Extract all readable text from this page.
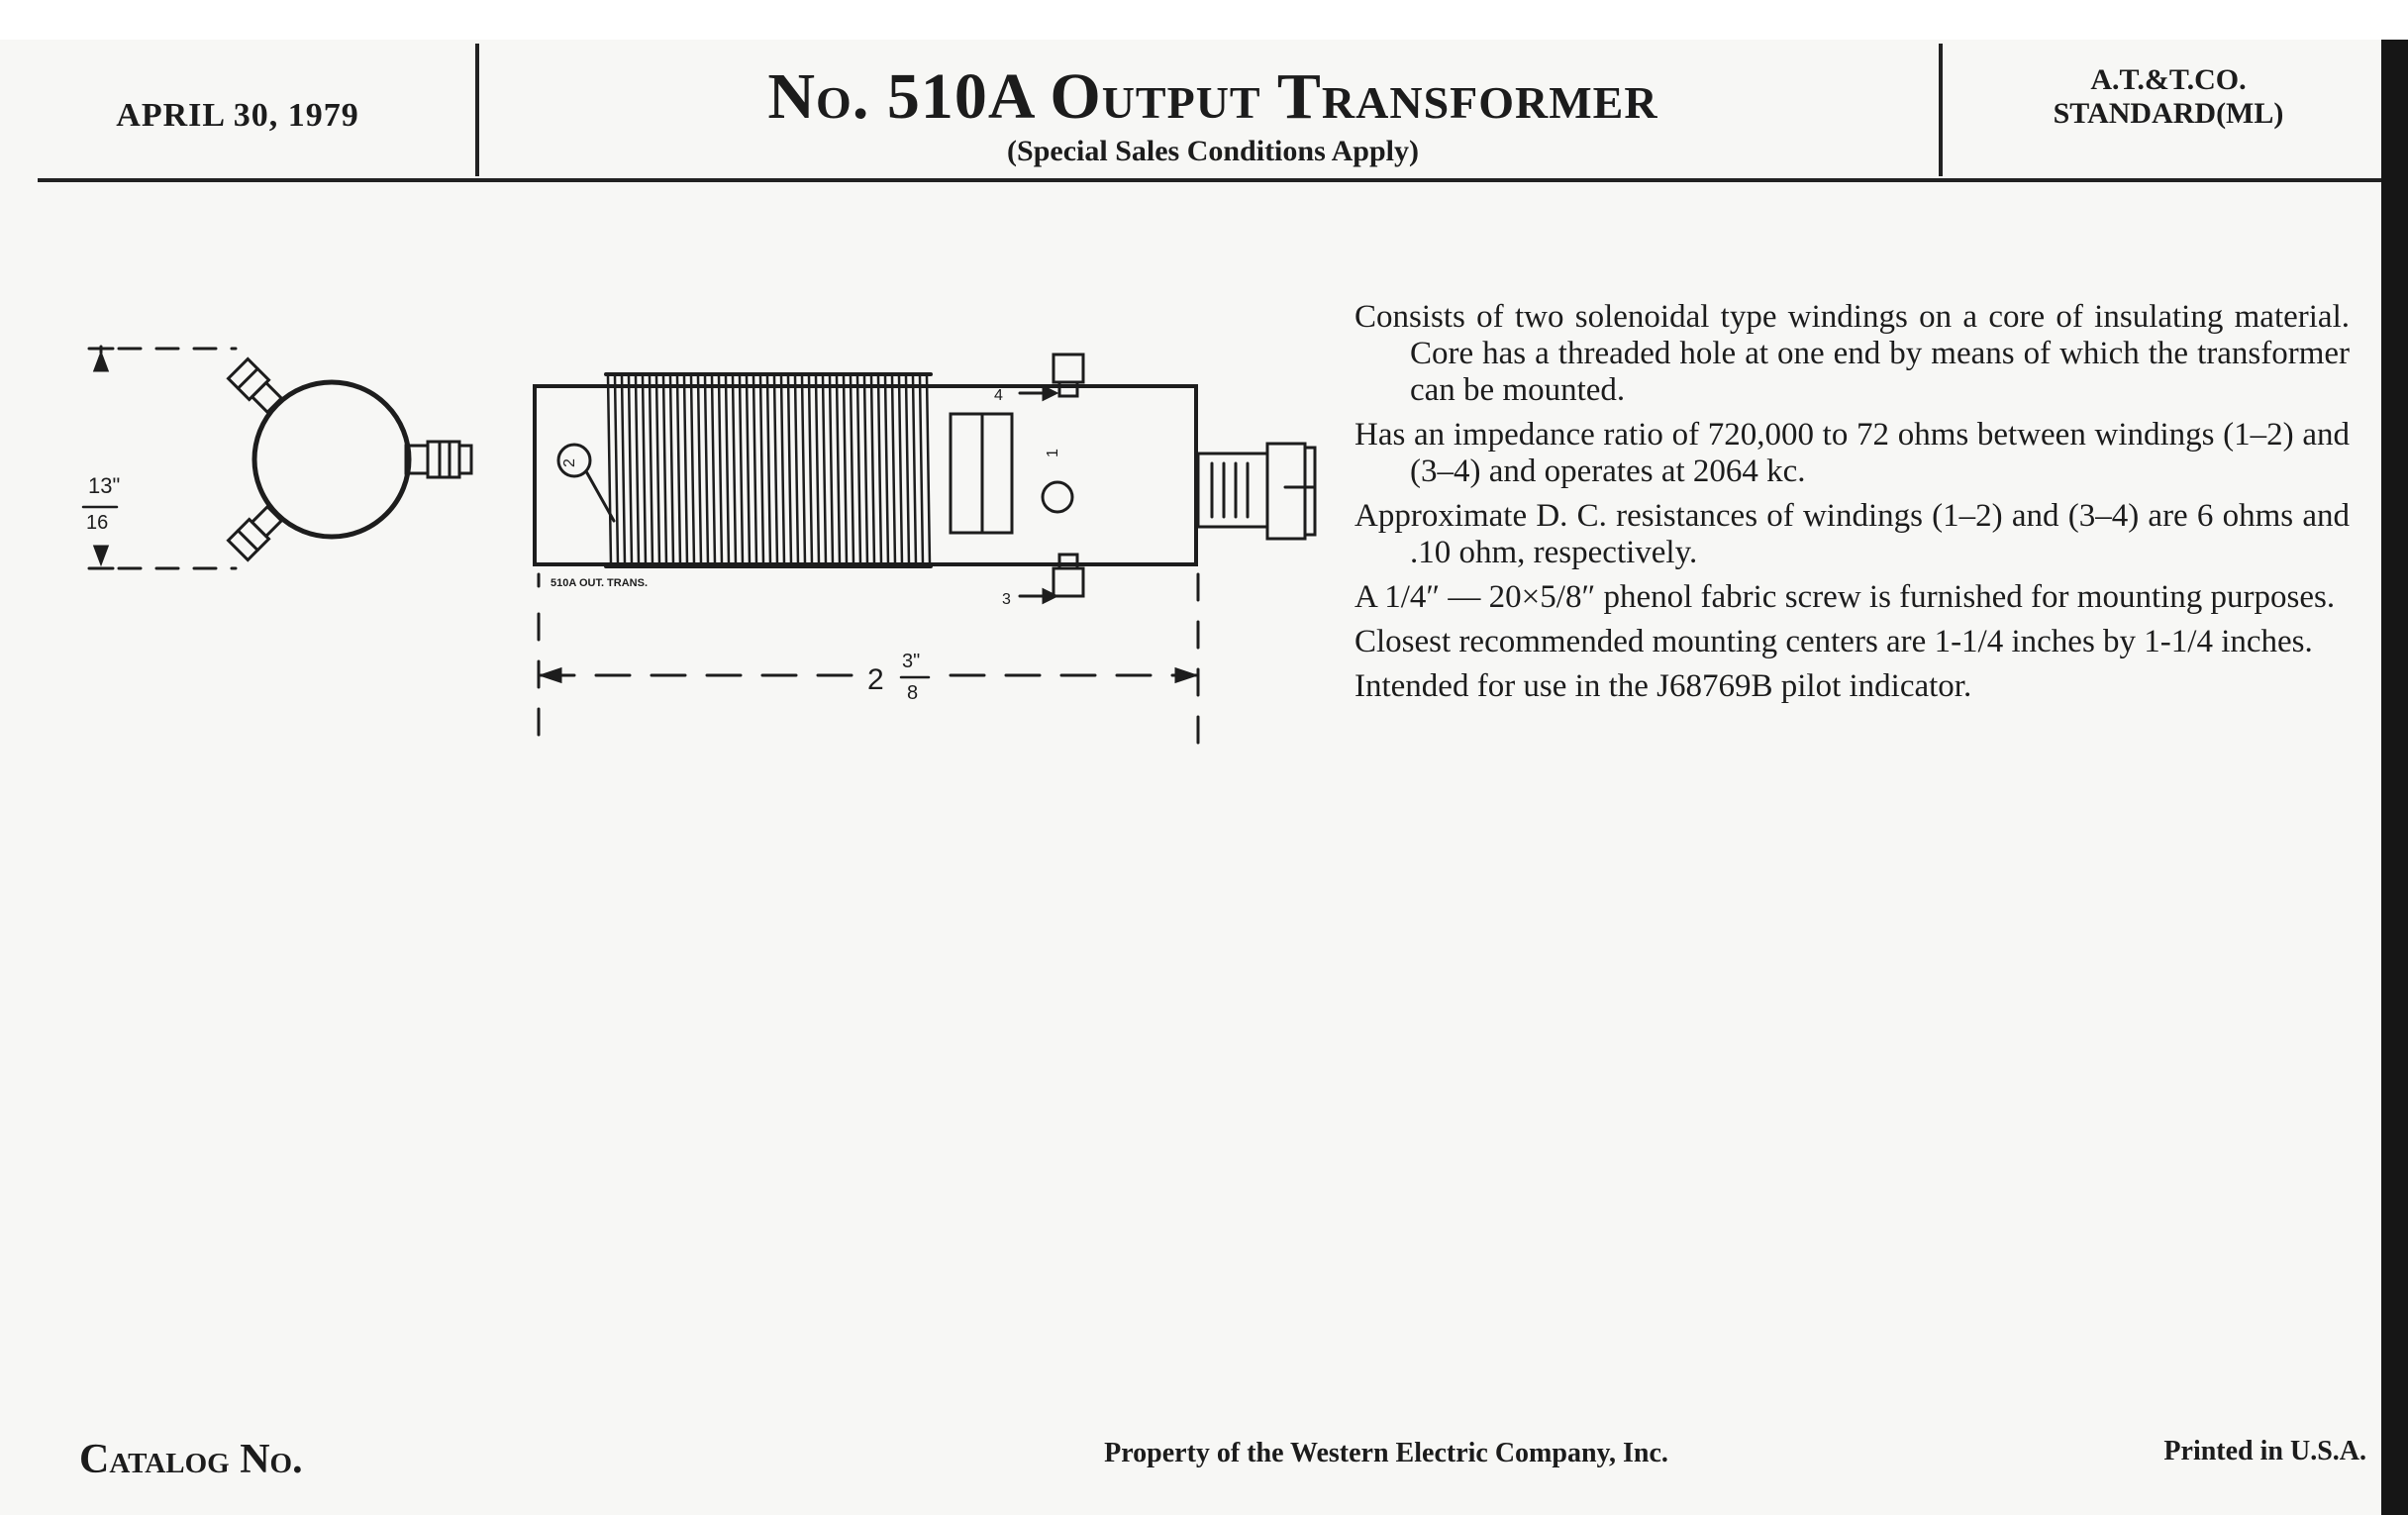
APRIL 30, 1979	No. 510A Output Transformer
(Special Sales Conditions Apply)
A.T.&T.CO.
STANDARD(ML)
13"
16
2
1
4
3
510A OUT. TRANS.
2
3"
8

Consists of two solenoidal type windings on a core of insulating material. Core has a threaded hole at one end by means of which the transformer can be mounted.

Has an impedance ratio of 720,000 to 72 ohms between windings (1–2) and (3–4) and operates at 2064 kc.

Approximate D. C. resistances of windings (1–2) and (3–4) are 6 ohms and .10 ohm, respectively.

A 1/4″ — 20×5/8″ phenol fabric screw is furnished for mounting purposes.

Closest recommended mounting centers are 1-1/4 inches by 1-1/4 inches.

Intended for use in the J68769B pilot indicator.

Catalog No.	Property of the Western Electric Company, Inc.	Printed in U.S.A.
